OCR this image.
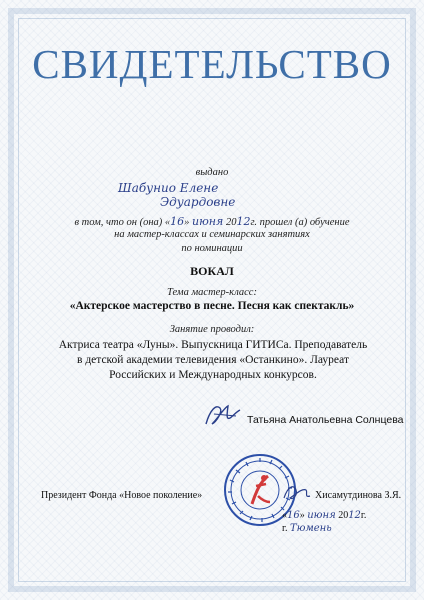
СВИДЕТЕЛЬСТВО
выдано
Шабунио Елене
Эдуардовне
в том, что он (она) «16» июня 2012г. прошел (а) обучение
на мастер-классах и семинарских занятиях
по номинации
ВОКАЛ
Тема мастер-класс:
«Актерское мастерство в песне. Песня как спектакль»
Занятие проводил:
Актриса театра «Луны». Выпускница ГИТИСа. Преподаватель в детской академии телевидения «Останкино». Лауреат Российских и Международных конкурсов.
Татьяна Анатольевна Солнцева
Президент Фонда «Новое поколение»	Хисамутдинова З.Я.
«16» июня 2012г.
г. Тюмень
